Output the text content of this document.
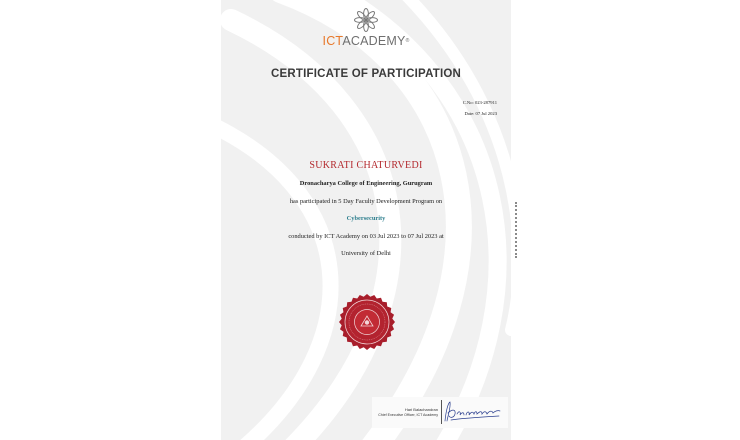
ICTACADEMY®
CERTIFICATE OF PARTICIPATION
C.No: 023-287911
Date: 07 Jul 2023
SUKRATI CHATURVEDI
Dronacharya College of Engineering, Gurugram
has participated in 5 Day Faculty Development Program on
Cybersecurity
conducted by ICT Academy on 03 Jul 2023 to 07 Jul 2023 at
University of Delhi
Hari Balachandran
Chief Executive Officer, ICT Academy
